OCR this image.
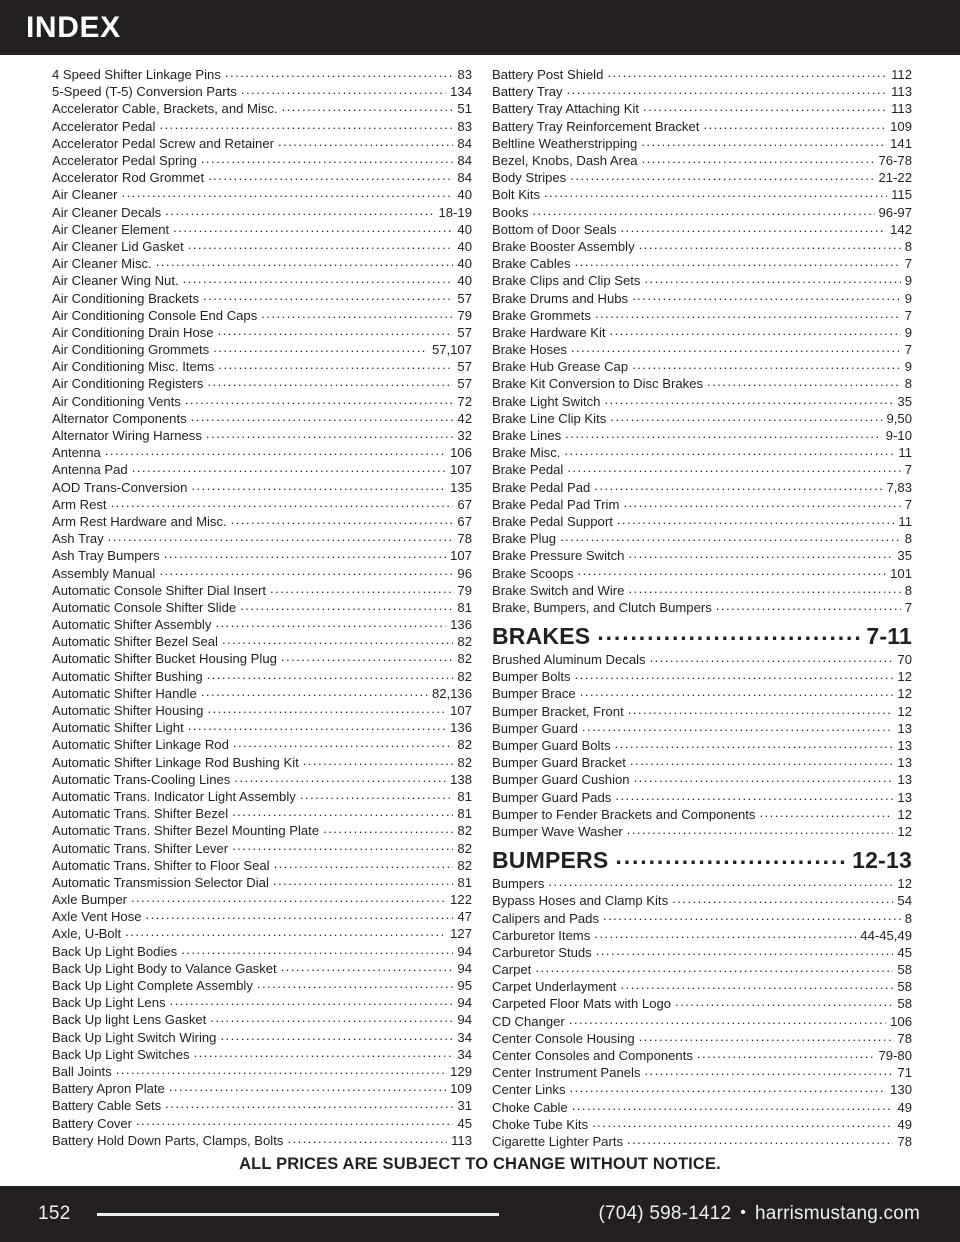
INDEX
4 Speed Shifter Linkage Pins .....	83
5-Speed (T-5) Conversion Parts .....	134
Accelerator Cable, Brackets, and Misc. .....	51
Accelerator Pedal .....	83
Accelerator Pedal Screw and Retainer .....	84
Accelerator Pedal Spring .....	84
Accelerator Rod Grommet .....	84
Air Cleaner .....	40
Air Cleaner Decals .....	18-19
Air Cleaner Element .....	40
Air Cleaner Lid Gasket .....	40
Air Cleaner Misc. .....	40
Air Cleaner Wing Nut. .....	40
Air Conditioning Brackets .....	57
Air Conditioning Console End Caps .....	79
Air Conditioning Drain Hose .....	57
Air Conditioning Grommets .....	57,107
Air Conditioning Misc. Items .....	57
Air Conditioning Registers .....	57
Air Conditioning Vents .....	72
Alternator Components .....	42
Alternator Wiring Harness .....	32
Antenna .....	106
Antenna Pad .....	107
AOD Trans-Conversion .....	135
Arm Rest .....	67
Arm Rest Hardware and Misc. .....	67
Ash Tray .....	78
Ash Tray Bumpers .....	107
Assembly Manual .....	96
Automatic Console Shifter Dial Insert .....	79
Automatic Console Shifter Slide .....	81
Automatic Shifter Assembly .....	136
Automatic Shifter Bezel Seal .....	82
Automatic Shifter Bucket Housing Plug .....	82
Automatic Shifter Bushing .....	82
Automatic Shifter Handle .....	82,136
Automatic Shifter Housing .....	107
Automatic Shifter Light .....	136
Automatic Shifter Linkage Rod .....	82
Automatic Shifter Linkage Rod Bushing Kit .....	82
Automatic Trans-Cooling Lines .....	138
Automatic Trans. Indicator Light Assembly .....	81
Automatic Trans. Shifter Bezel .....	81
Automatic Trans. Shifter Bezel Mounting Plate .....	82
Automatic Trans. Shifter Lever .....	82
Automatic Trans. Shifter to Floor Seal .....	82
Automatic Transmission Selector Dial .....	81
Axle Bumper .....	122
Axle Vent Hose .....	47
Axle, U-Bolt .....	127
Back Up Light Bodies .....	94
Back Up Light Body to Valance Gasket .....	94
Back Up Light Complete Assembly .....	95
Back Up Light Lens .....	94
Back Up light Lens Gasket .....	94
Back Up Light Switch Wiring .....	34
Back Up Light Switches .....	34
Ball Joints .....	129
Battery Apron Plate .....	109
Battery Cable Sets .....	31
Battery Cover .....	45
Battery Hold Down Parts, Clamps, Bolts .....	113
Battery Post Shield .....	112
Battery Tray .....	113
Battery Tray Attaching Kit .....	113
Battery Tray Reinforcement Bracket .....	109
Beltline Weatherstripping .....	141
Bezel, Knobs, Dash Area .....	76-78
Body Stripes .....	21-22
Bolt Kits .....	115
Books .....	96-97
Bottom of Door Seals .....	142
Brake Booster Assembly .....	8
Brake Cables .....	7
Brake Clips and Clip Sets .....	9
Brake Drums and Hubs .....	9
Brake Grommets .....	7
Brake Hardware Kit .....	9
Brake Hoses .....	7
Brake Hub Grease Cap .....	9
Brake Kit Conversion to Disc Brakes .....	8
Brake Light Switch .....	35
Brake Line Clip Kits .....	9,50
Brake Lines .....	9-10
Brake Misc. .....	11
Brake Pedal .....	7
Brake Pedal Pad .....	7,83
Brake Pedal Pad Trim .....	7
Brake Pedal Support .....	11
Brake Plug .....	8
Brake Pressure Switch .....	35
Brake Scoops .....	101
Brake Switch and Wire .....	8
Brake, Bumpers, and Clutch Bumpers .....	7
BRAKES .....	7-11
Brushed Aluminum Decals .....	70
Bumper Bolts .....	12
Bumper Brace .....	12
Bumper Bracket, Front .....	12
Bumper Guard .....	13
Bumper Guard Bolts .....	13
Bumper Guard Bracket .....	13
Bumper Guard Cushion .....	13
Bumper Guard Pads .....	13
Bumper to Fender Brackets and Components .....	12
Bumper Wave Washer .....	12
BUMPERS .....	12-13
Bumpers .....	12
Bypass Hoses and Clamp Kits .....	54
Calipers and Pads .....	8
Carburetor Items .....	44-45,49
Carburetor Studs .....	45
Carpet .....	58
Carpet Underlayment .....	58
Carpeted Floor Mats with Logo .....	58
CD Changer .....	106
Center Console Housing .....	78
Center Consoles and Components .....	79-80
Center Instrument Panels .....	71
Center Links .....	130
Choke Cable .....	49
Choke Tube Kits .....	49
Cigarette Lighter Parts .....	78
ALL PRICES ARE SUBJECT TO CHANGE WITHOUT NOTICE.
152	(704) 598-1412 • harrismustang.com
